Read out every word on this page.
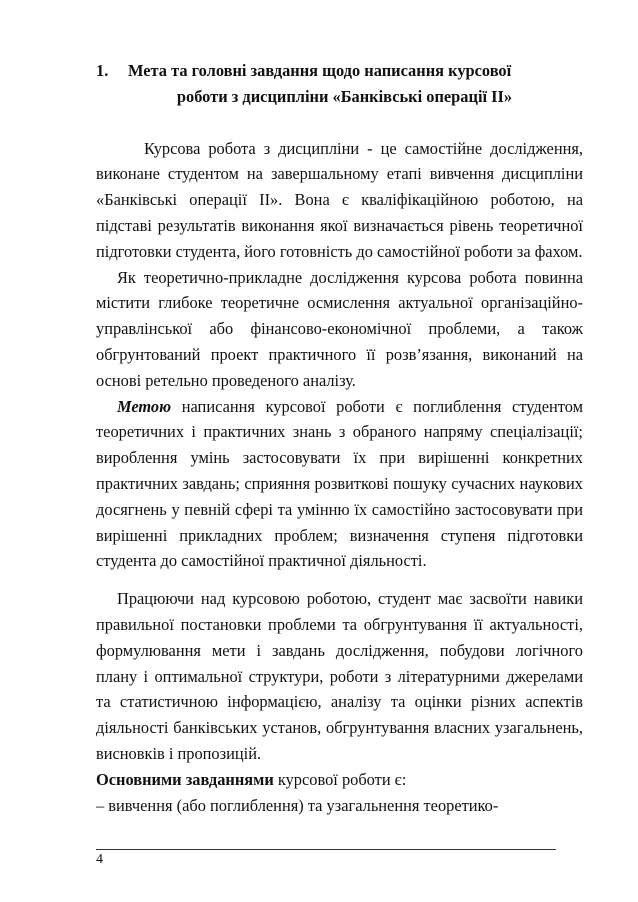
1. Мета та головні завдання щодо написання курсової
роботи з дисципліни «Банківські операції II»

Курсова робота з дисципліни - це самостійне дослідження, виконане студентом на завершальному етапі вивчення дисципліни «Банківські операції II». Вона є кваліфікаційною роботою, на підставі результатів виконання якої визначається рівень теоретичної підготовки студента, його готовність до самостійної роботи за фахом.

Як теоретично-прикладне дослідження курсова робота повинна містити глибоке теоретичне осмислення актуальної організаційно-управлінської або фінансово-економічної проблеми, а також обгрунтований проект практичного її розв’язання, виконаний на основі ретельно проведеного аналізу.

Метою написання курсової роботи є поглиблення студентом теоретичних і практичних знань з обраного напряму спеціалізації; вироблення умінь застосовувати їх при вирішенні конкретних практичних завдань; сприяння розвиткові пошуку сучасних наукових досягнень у певній сфері та умінню їх самостійно застосовувати при вирішенні прикладних проблем; визначення ступеня підготовки студента до самостійної практичної діяльності.

Працюючи над курсовою роботою, студент має засвоїти навики правильної постановки проблеми та обгрунтування її актуальності, формулювання мети і завдань дослідження, побудови логічного плану і оптимальної структури, роботи з літературними джерелами та статистичною інформацією, аналізу та оцінки різних аспектів діяльності банківських установ, обгрунтування власних узагальнень, висновків і пропозицій.

Основними завданнями курсової роботи є:

– вивчення (або поглиблення) та узагальнення теоретико-

4
